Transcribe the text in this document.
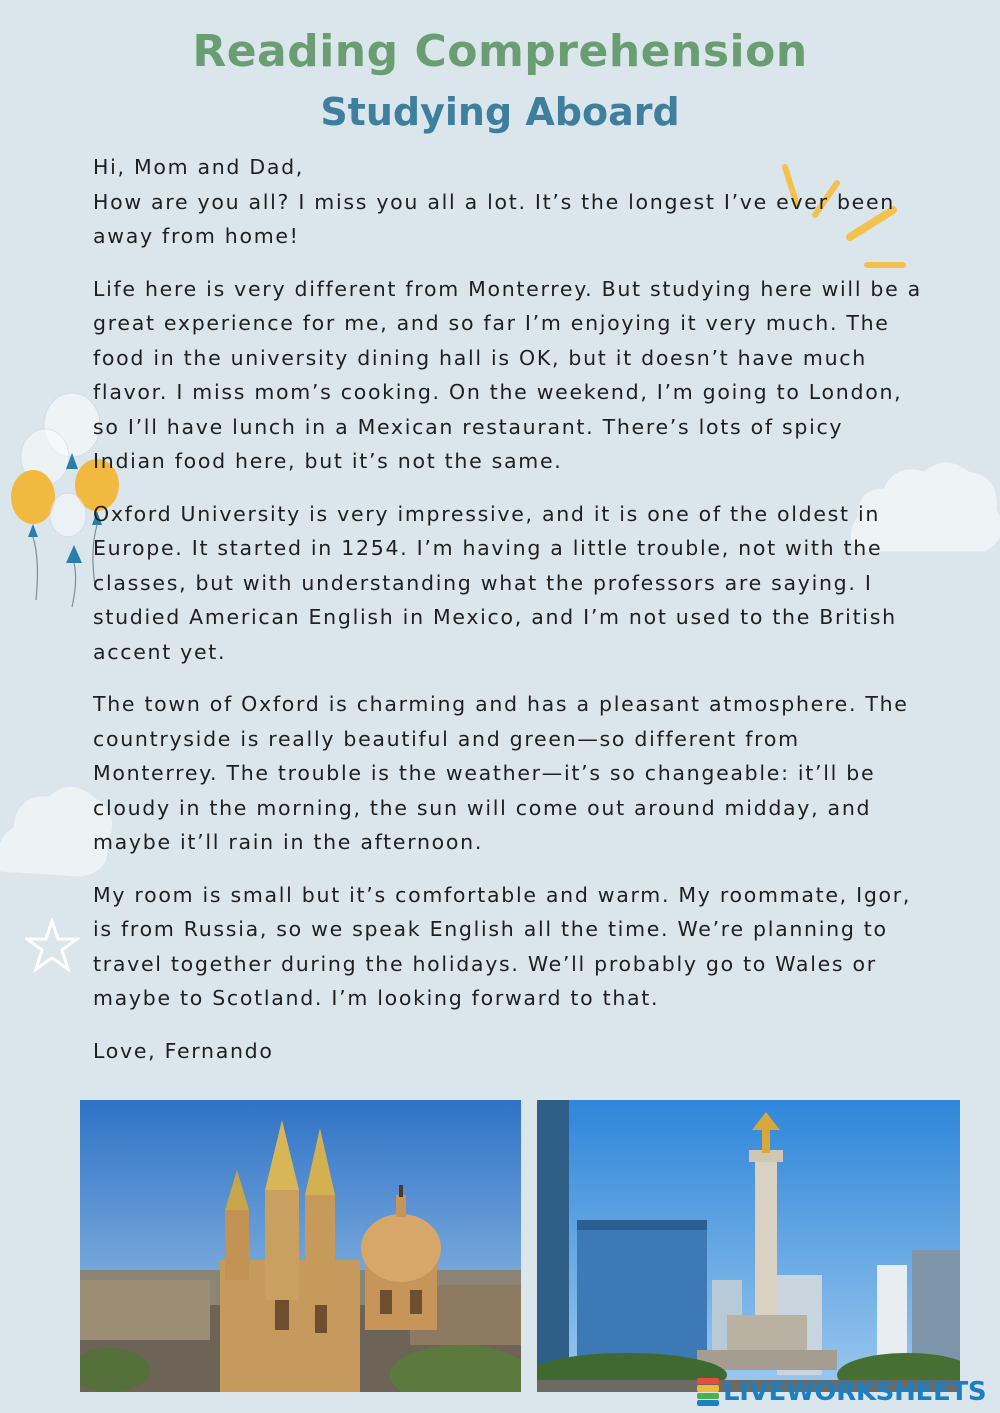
Reading Comprehension
Studying Aboard

Hi, Mom and Dad,

How are you all? I miss you all a lot. It’s the longest I’ve ever been away from home!

Life here is very different from Monterrey. But studying here will be a great experience for me, and so far I’m enjoying it very much. The food in the university dining hall is OK, but it doesn’t have much flavor. I miss mom’s cooking. On the weekend, I’m going to London, so I’ll have lunch in a Mexican restaurant. There’s lots of spicy Indian food here, but it’s not the same.

Oxford University is very impressive, and it is one of the oldest in Europe. It started in 1254. I’m having a little trouble, not with the classes, but with understanding what the professors are saying. I studied American English in Mexico, and I’m not used to the British accent yet.

The town of Oxford is charming and has a pleasant atmosphere. The countryside is really beautiful and green—so different from Monterrey. The trouble is the weather—it’s so changeable: it’ll be cloudy in the morning, the sun will come out around midday, and maybe it’ll rain in the afternoon.

My room is small but it’s comfortable and warm. My roommate, Igor, is from Russia, so we speak English all the time. We’re planning to travel together during the holidays. We’ll probably go to Wales or maybe to Scotland. I’m looking forward to that.

Love, Fernando

LIVEWORKSHEETS
